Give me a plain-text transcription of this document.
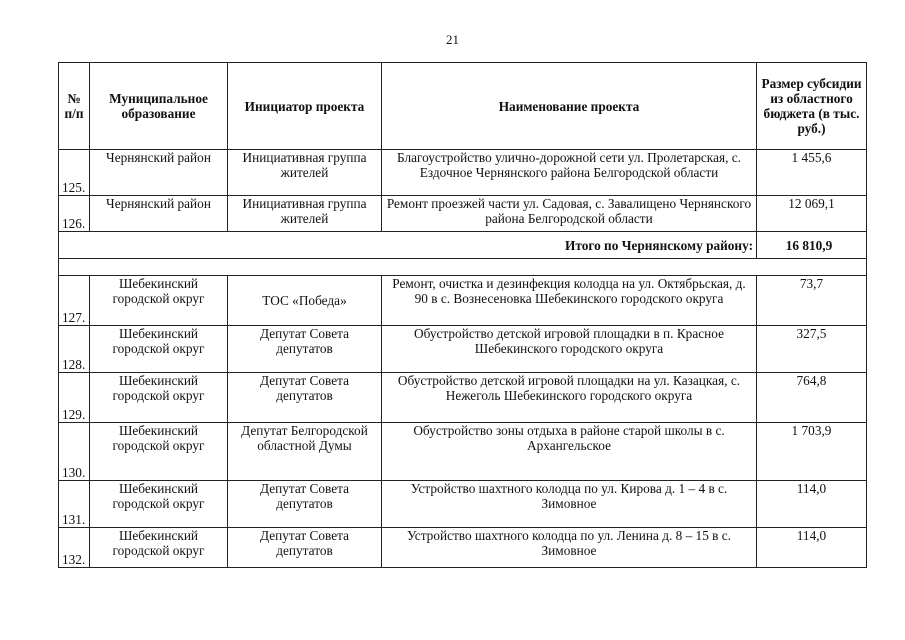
21
№ п/п	Муниципальное образование	Инициатор проекта	Наименование проекта	Размер субсидии из областного бюджета (в тыс. руб.)
125.	Чернянский район	Инициативная группа жителей	Благоустройство улично-дорожной сети ул. Пролетарская, с. Ездочное Чернянского района Белгородской области	1 455,6
126.	Чернянский район	Инициативная группа жителей	Ремонт проезжей части ул. Садовая, с. Завалищено Чернянского района Белгородской области	12 069,1
Итого по Чернянскому району:				16 810,9

127.	Шебекинский городской округ	ТОС «Победа»	Ремонт, очистка и дезинфекция колодца на ул. Октябрьская, д. 90 в с. Вознесеновка Шебекинского городского округа	73,7
128.	Шебекинский городской округ	Депутат Совета депутатов	Обустройство детской игровой площадки в п. Красное Шебекинского городского округа	327,5
129.	Шебекинский городской округ	Депутат Совета депутатов	Обустройство детской игровой площадки на ул. Казацкая, с. Нежеголь Шебекинского городского округа	764,8
130.	Шебекинский городской округ	Депутат Белгородской областной Думы	Обустройство зоны отдыха в районе старой школы в с. Архангельское	1 703,9
131.	Шебекинский городской округ	Депутат Совета депутатов	Устройство шахтного колодца по ул. Кирова д. 1 – 4 в с. Зимовное	114,0
132.	Шебекинский городской округ	Депутат Совета депутатов	Устройство шахтного колодца по ул. Ленина д. 8 – 15 в с. Зимовное	114,0
